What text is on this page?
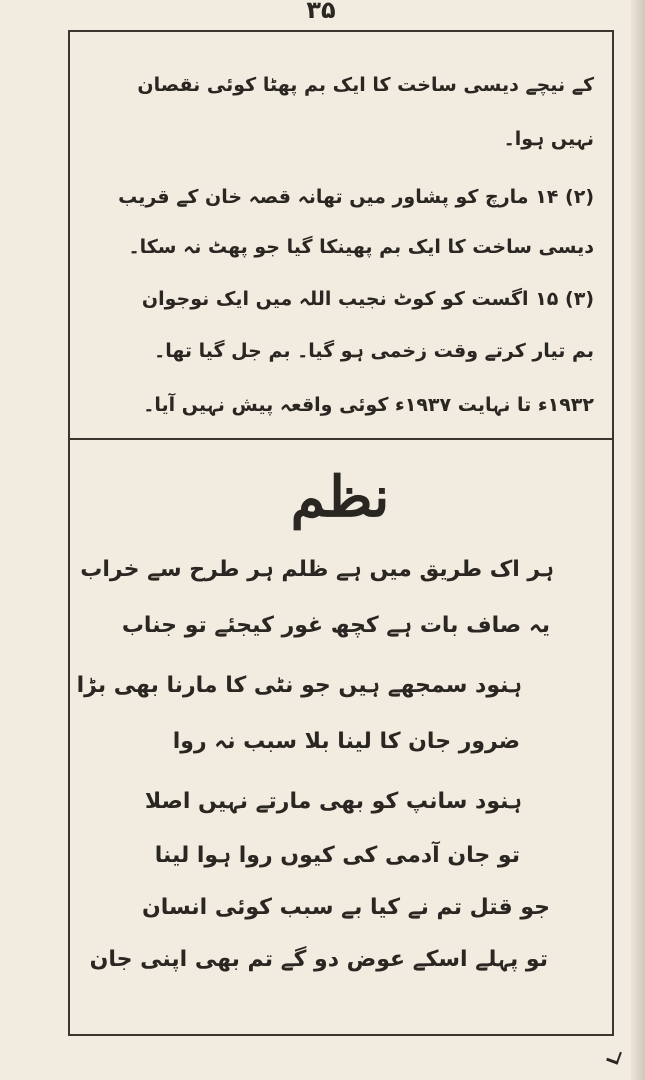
۳۵
کے نیچے دیسی ساخت کا ایک بم پھٹا کوئی نقصان
نہیں ہوا۔
(۲) ۱۴ مارچ کو پشاور میں تھانہ قصہ خان کے قریب
دیسی ساخت کا ایک بم پھینکا گیا جو پھٹ نہ سکا۔
(۳) ۱۵ اگست کو کوٹ نجیب اللہ میں ایک نوجوان
بم تیار کرتے وقت زخمی ہو گیا۔ بم جل گیا تھا۔
۱۹۳۲ء تا نہایت ۱۹۳۷ء کوئی واقعہ پیش نہیں آیا۔
نظم
ہر اک طریق میں ہے ظلم ہر طرح سے خراب
یہ صاف بات ہے کچھ غور کیجئے تو جناب
ہنود سمجھے ہیں جو نٹی کا مارنا بھی بڑا
ضرور جان کا لینا بلا سبب نہ روا
ہنود سانپ کو بھی مارتے نہیں اصلا
تو جان آدمی کی کیوں روا ہوا لینا
جو قتل تم نے کیا بے سبب کوئی انسان
تو پہلے اسکے عوض دو گے تم بھی اپنی جان
